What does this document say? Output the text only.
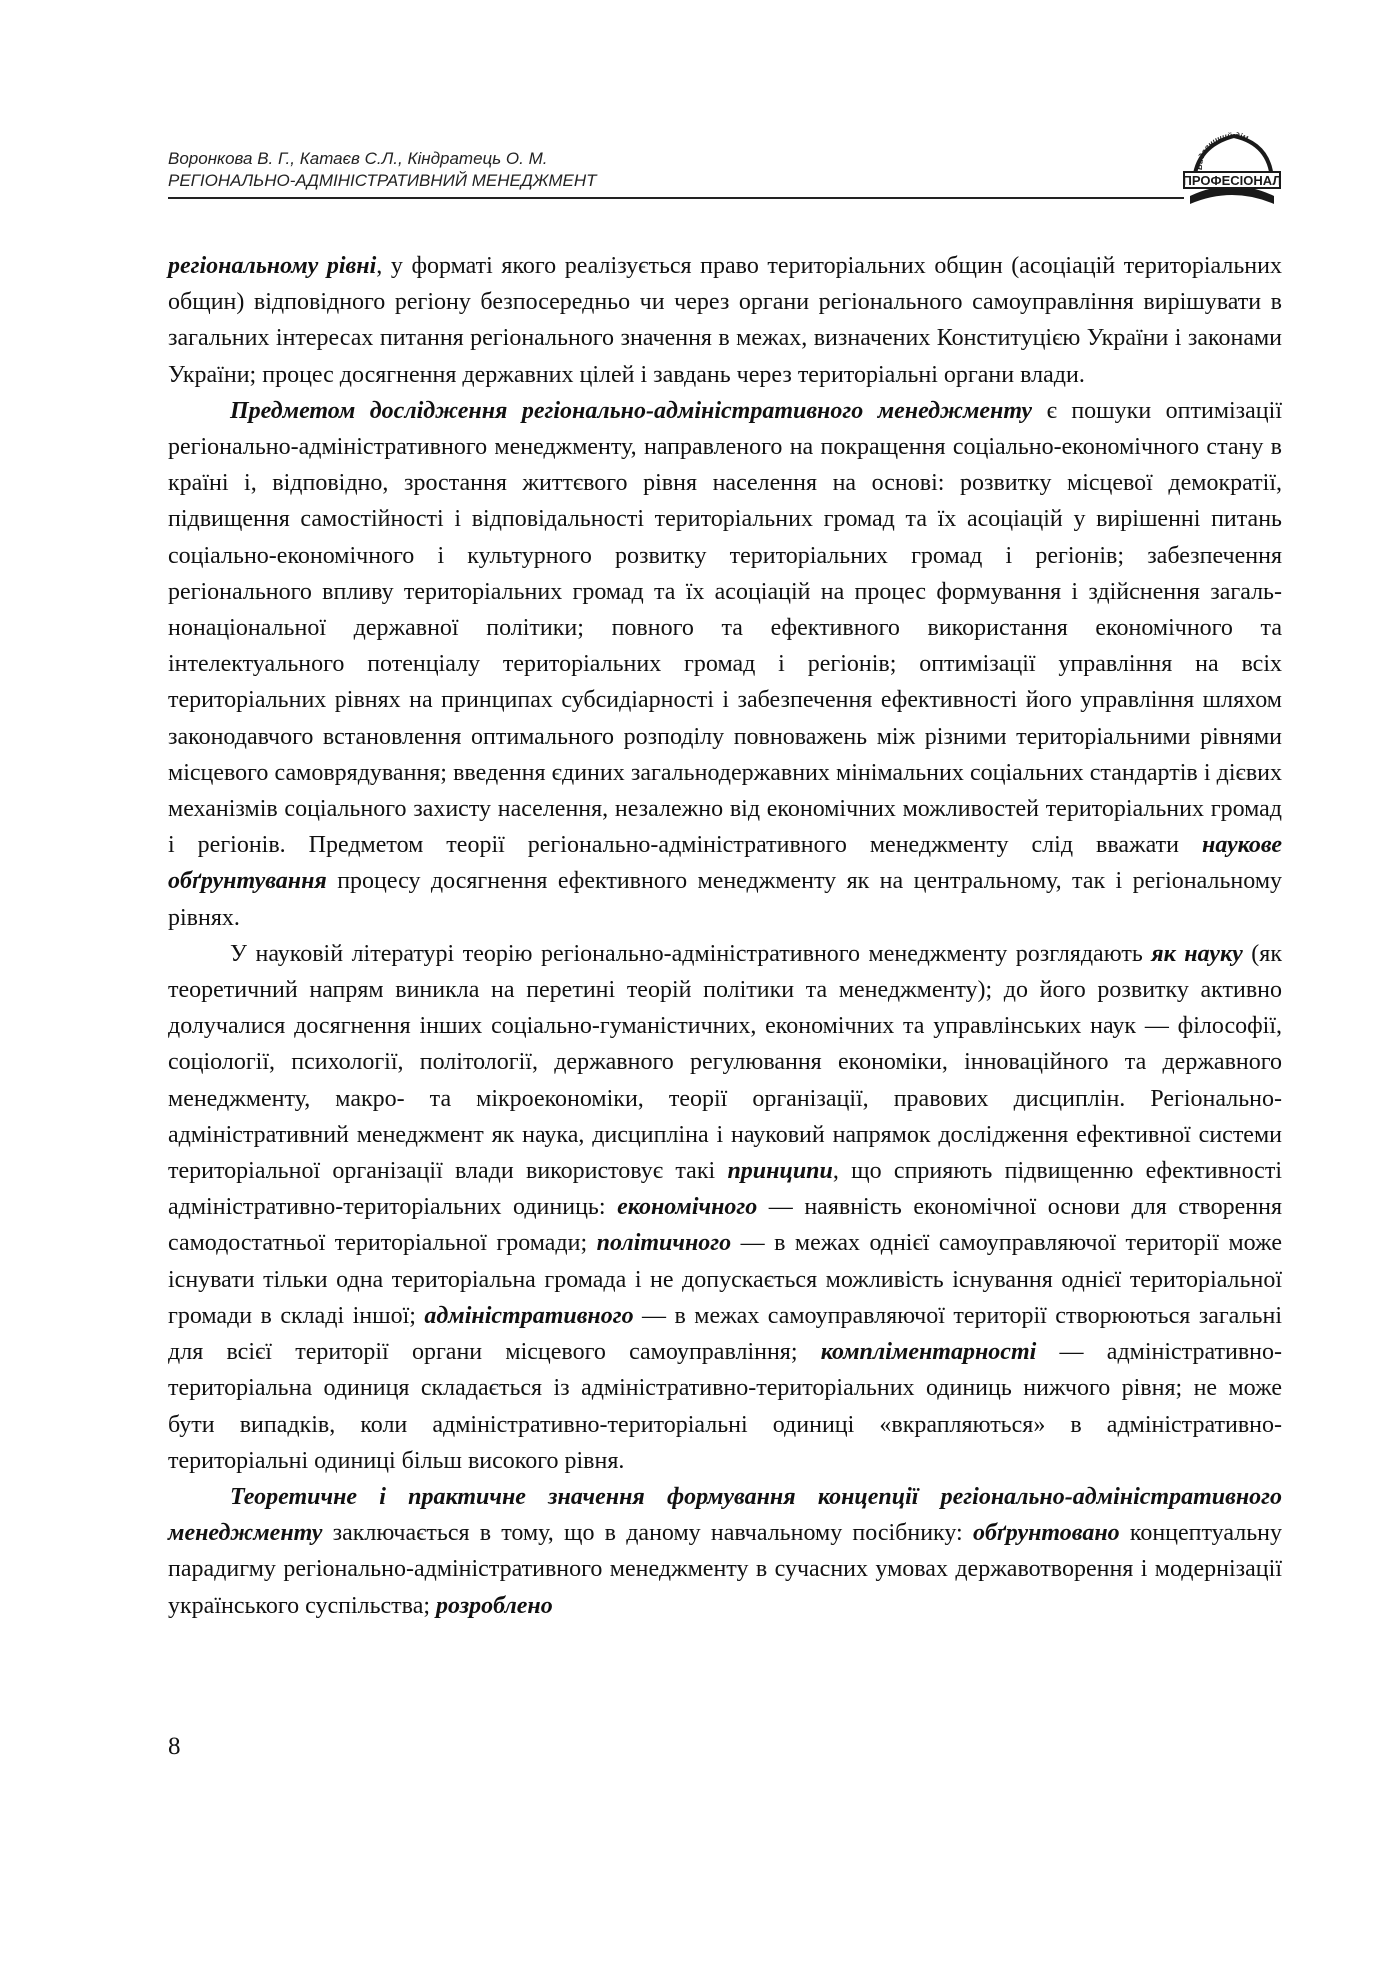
Воронкова В. Г., Катаєв С.Л., Кіндратець О. М.
РЕГІОНАЛЬНО-АДМІНІСТРАТИВНИЙ МЕНЕДЖМЕНТ
Видавничий дім
ПРОФЕСІОНАЛ

регіональному рівні, у форматі якого реалізується право територіальних общин (асоціацій територіальних общин) відповідного регіону безпосередньо чи через органи регіонального самоуправління вирішувати в загальних інтересах питання регіонального значення в межах, визначених Конституцією України і законами України; процес досягнення державних цілей і завдань через територіальні органи влади.

Предметом дослідження регіонально-адміністративного менеджменту є пошуки оптимізації регіонально-адміністративного менеджменту, направленого на покращення соціально-економічного стану в країні і, відповідно, зростання життєвого рівня населення на основі: розвитку місцевої демократії, підвищення самостійності і відповідальності територіальних громад та їх асоціацій у вирішенні питань соціально-економічного і культурного розвитку територіальних громад і регіонів; забезпечення регіонального впливу територіальних громад та їх асоціацій на процес формування і здійснення загальнонаціональної державної політики; повного та ефективного використання економічного та інтелектуального потенціалу територіальних громад і регіонів; оптимізації управління на всіх територіальних рівнях на принципах субсидіарності і забезпечення ефективності його управління шляхом законодавчого встановлення оптимального розподілу повноважень між різними територіальними рівнями місцевого самоврядування; введення єдиних загальнодержавних мінімальних соціальних стандартів і дієвих механізмів соціального захисту населення, незалежно від економічних можливостей територіальних громад і регіонів. Предметом теорії регіонально-адміністративного менеджменту слід вважати наукове обґрунтування процесу досягнення ефективного менеджменту як на центральному, так і регіональному рівнях.

У науковій літературі теорію регіонально-адміністративного менеджменту розглядають як науку (як теоретичний напрям виникла на перетині теорій політики та менеджменту); до його розвитку активно долучалися досягнення інших соціально-гуманістичних, економічних та управлінських наук — філософії, соціології, психології, політології, державного регулювання економіки, інноваційного та державного менеджменту, макро- та мікроекономіки, теорії організації, правових дисциплін. Регіонально-адміністративний менеджмент як наука, дисципліна і науковий напрямок дослідження ефективної системи територіальної організації влади використовує такі принципи, що сприяють підвищенню ефективності адміністративно-територіальних одиниць: економічного — наявність економічної основи для створення самодостатньої територіальної громади; політичного — в межах однієї самоуправляючої території може існувати тільки одна територіальна громада і не допускається можливість існування однієї територіальної громади в складі іншої; адміністративного — в межах самоуправляючої території створюються загальні для всієї території органи місцевого самоуправління; компліментарності — адміністративно-територіальна одиниця складається із адміністративно-територіальних одиниць нижчого рівня; не може бути випадків, коли адміністративно-територіальні одиниці «вкрапляються» в адміністративно-територіальні одиниці більш високого рівня.

Теоретичне і практичне значення формування концепції регіонально-адміністративного менеджменту заключається в тому, що в даному навчальному посібнику: обґрунтовано концептуальну парадигму регіонально-адміністративного менеджменту в сучасних умовах державотворення і модернізації українського суспільства; розроблено

8
